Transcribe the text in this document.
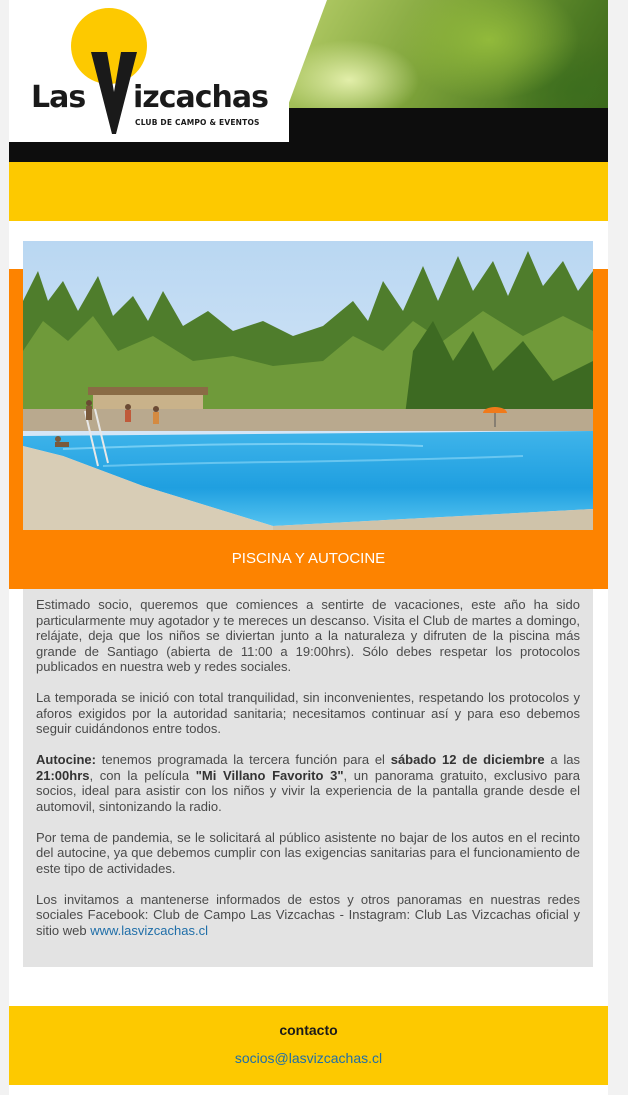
Las izcachas
CLUB DE CAMPO & EVENTOS
PISCINA Y AUTOCINE

Estimado socio, queremos que comiences a sentirte de vacaciones, este año ha sido particularmente muy agotador y te mereces un descanso. Visita el Club de martes a domingo, relájate, deja que los niños se diviertan junto a la naturaleza y difruten de la piscina más grande de Santiago (abierta de 11:00 a 19:00hrs). Sólo debes respetar los protocolos publicados en nuestra web y redes sociales.

La temporada se inició con total tranquilidad, sin inconvenientes, respetando los protocolos y aforos exigidos por la autoridad sanitaria; necesitamos continuar así y para eso debemos seguir cuidándonos entre todos.

Autocine: tenemos programada la tercera función para el sábado 12 de diciembre a las 21:00hrs, con la película "Mi Villano Favorito 3", un panorama gratuito, exclusivo para socios, ideal para asistir con los niños y vivir la experiencia de la pantalla grande desde el automovil, sintonizando la radio.

Por tema de pandemia, se le solicitará al público asistente no bajar de los autos en el recinto del autocine, ya que debemos cumplir con las exigencias sanitarias para el funcionamiento de este tipo de actividades.

Los invitamos a mantenerse informados de estos y otros panoramas en nuestras redes sociales Facebook: Club de Campo Las Vizcachas - Instagram: Club Las Vizcachas oficial y sitio web www.lasvizcachas.cl

contacto
socios@lasvizcachas.cl
